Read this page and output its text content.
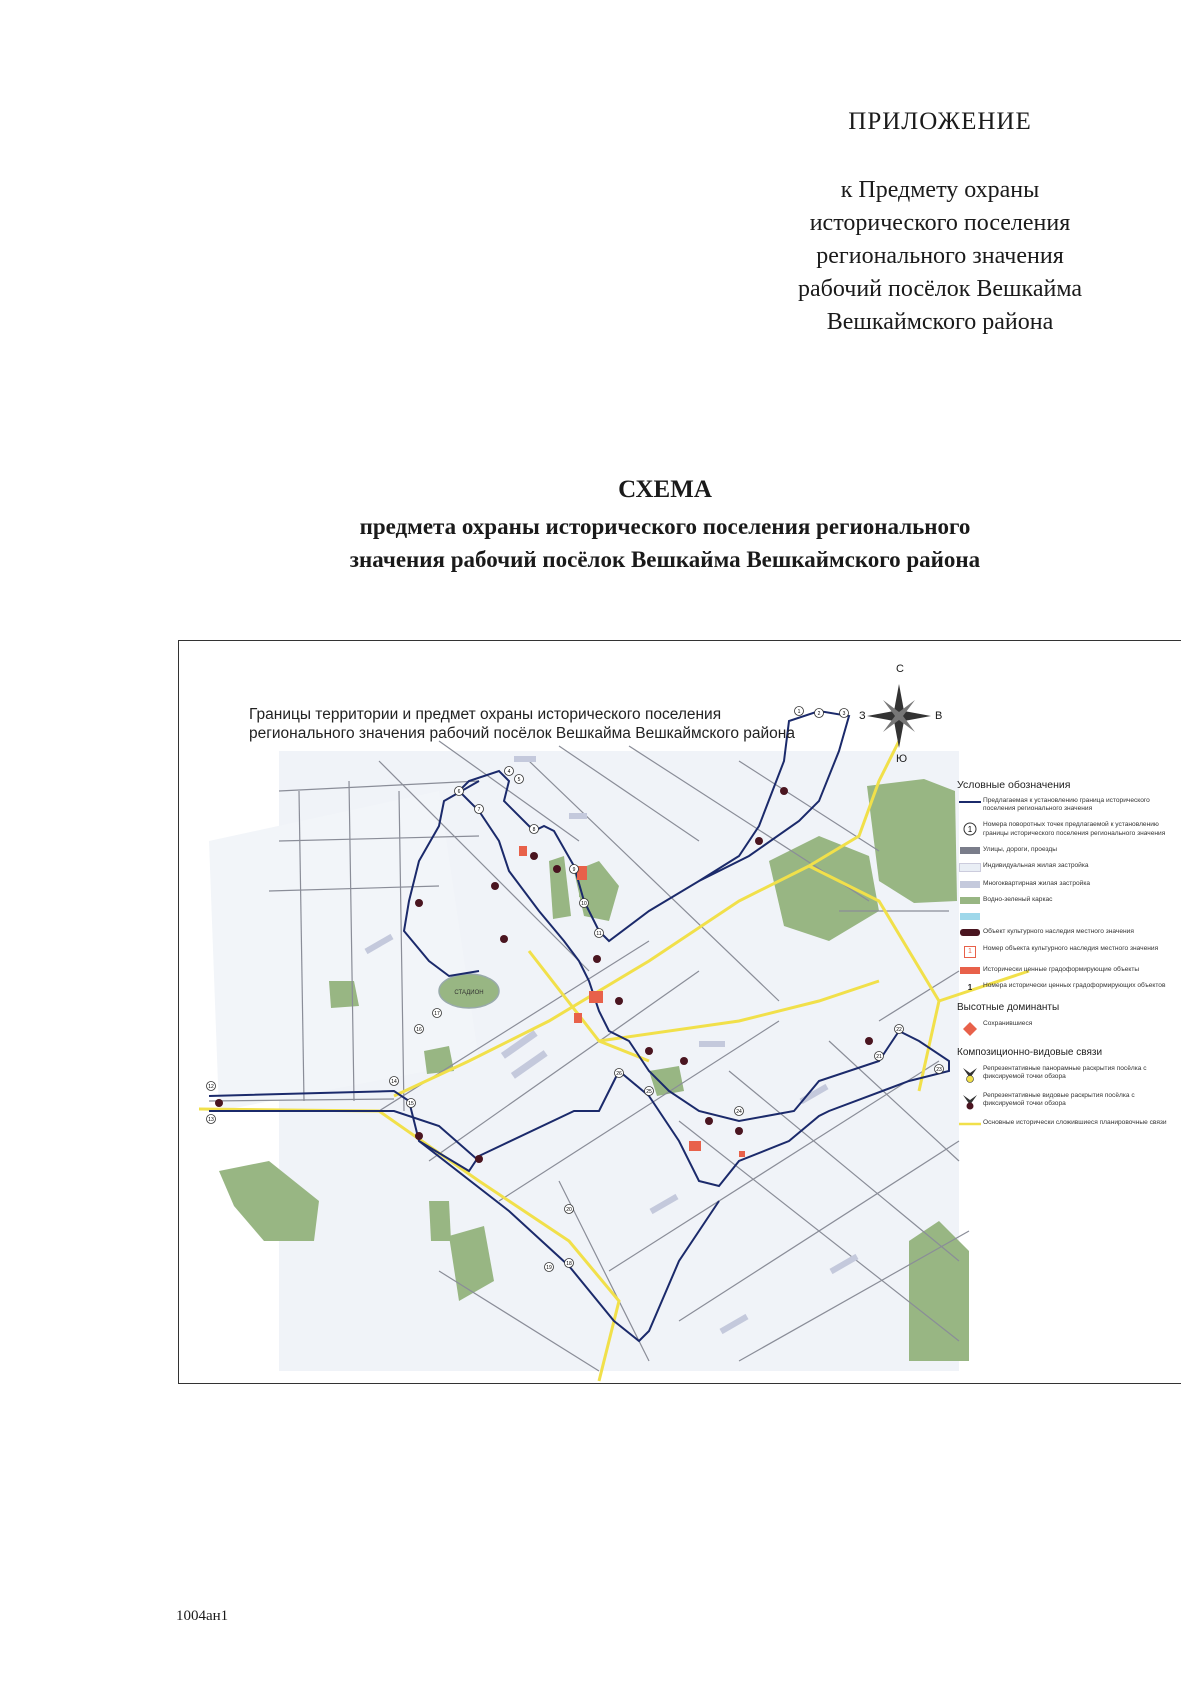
ПРИЛОЖЕНИЕ
к Предмету охраны
исторического поселения
регионального значения
рабочий посёлок Вешкайма
Вешкаймского района
СХЕМА
предмета охраны исторического поселения регионального
значения рабочий посёлок Вешкайма Вешкаймского района
СТАДИОН
1	2	3
4
5
6
7
8
9
10
11
12
13
14
15
16
17
18
19
20
21
22
23
24
25
26
Границы территории и предмет охраны исторического поселения
регионального значения рабочий посёлок Вешкайма Вешкаймского района
С
Ю
З	В
Условные обозначения
Предлагаемая к установлению граница исторического поселения регионального значения
1
Номера поворотных точек предлагаемой к установлению границы исторического поселения регионального значения
Улицы, дороги, проезды
Индивидуальная жилая застройка
Многоквартирная жилая застройка
Водно-зеленый каркас
Объект культурного наследия местного значения
1	Номер объекта культурного наследия местного значения
Исторически ценные градоформирующие объекты
1 Номера исторически ценных градоформирующих объектов
Высотные доминанты
Сохранившиеся
Композиционно-видовые связи
Репрезентативные панорамные раскрытия посёлка с фиксируемой точки обзора
Репрезентативные видовые раскрытия посёлка с фиксируемой точки обзора
Основные исторически сложившиеся планировочные связи
1004ан1
